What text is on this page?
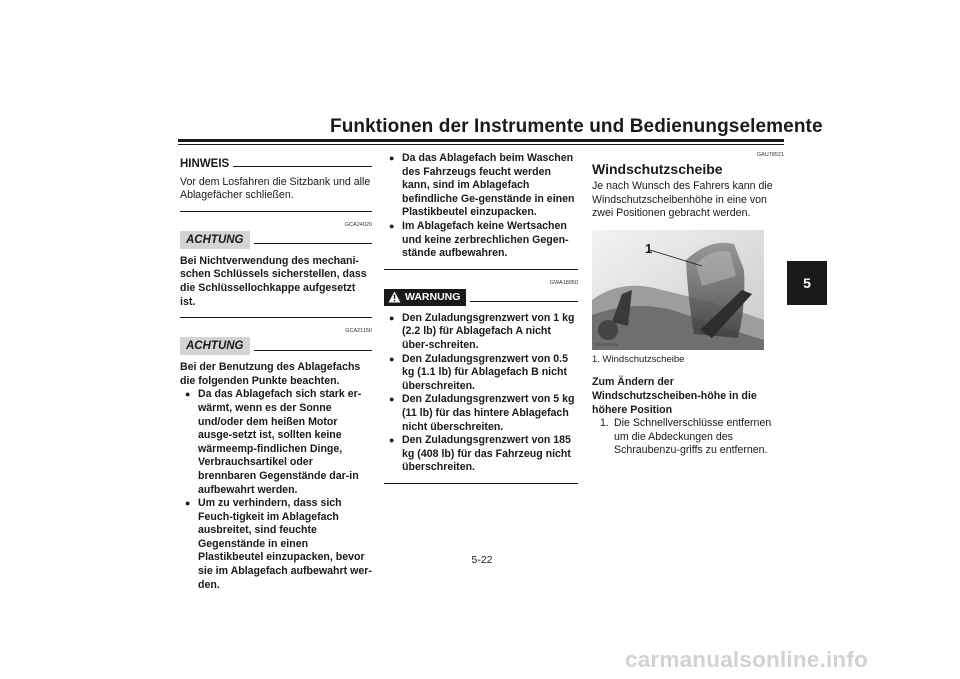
Funktionen der Instrumente und Bedienungselemente
5
HINWEIS
Vor dem Losfahren die Sitzbank und alle Ablagefächer schließen.
GCA24020
ACHTUNG
Bei Nichtverwendung des mechani-schen Schlüssels sicherstellen, dass die Schlüssellochkappe aufgesetzt ist.
GCA21150
ACHTUNG
Bei der Benutzung des Ablagefachs die folgenden Punkte beachten.
● Da das Ablagefach sich stark er-wärmt, wenn es der Sonne und/oder dem heißen Motor ausge-setzt ist, sollten keine wärmeemp-findlichen Dinge, Verbrauchsartikel oder brennbaren Gegenstände dar-in aufbewahrt werden.
● Um zu verhindern, dass sich Feuch-tigkeit im Ablagefach ausbreitet, sind feuchte Gegenstände in einen Plastikbeutel einzupacken, bevor sie im Ablagefach aufbewahrt wer-den.
● Da das Ablagefach beim Waschen des Fahrzeugs feucht werden kann, sind im Ablagefach befindliche Ge-genstände in einen Plastikbeutel einzupacken.
● Im Ablagefach keine Wertsachen und keine zerbrechlichen Gegen-stände aufbewahren.
GWA18950
WARNUNG
● Den Zuladungsgrenzwert von 1 kg (2.2 lb) für Ablagefach A nicht über-schreiten.
● Den Zuladungsgrenzwert von 0.5 kg (1.1 lb) für Ablagefach B nicht überschreiten.
● Den Zuladungsgrenzwert von 5 kg (11 lb) für das hintere Ablagefach nicht überschreiten.
● Den Zuladungsgrenzwert von 185 kg (408 lb) für das Fahrzeug nicht überschreiten.
GAU78521
Windschutzscheibe
Je nach Wunsch des Fahrers kann die Windschutzscheibenhöhe in eine von zwei Positionen gebracht werden.
1
ZAUM1919
1. Windschutzscheibe
Zum Ändern der Windschutzscheiben-höhe in die höhere Position
1. Die Schnellverschlüsse entfernen um die Abdeckungen des Schraubenzu-griffs zu entfernen.
5-22
carmanualsonline.info
